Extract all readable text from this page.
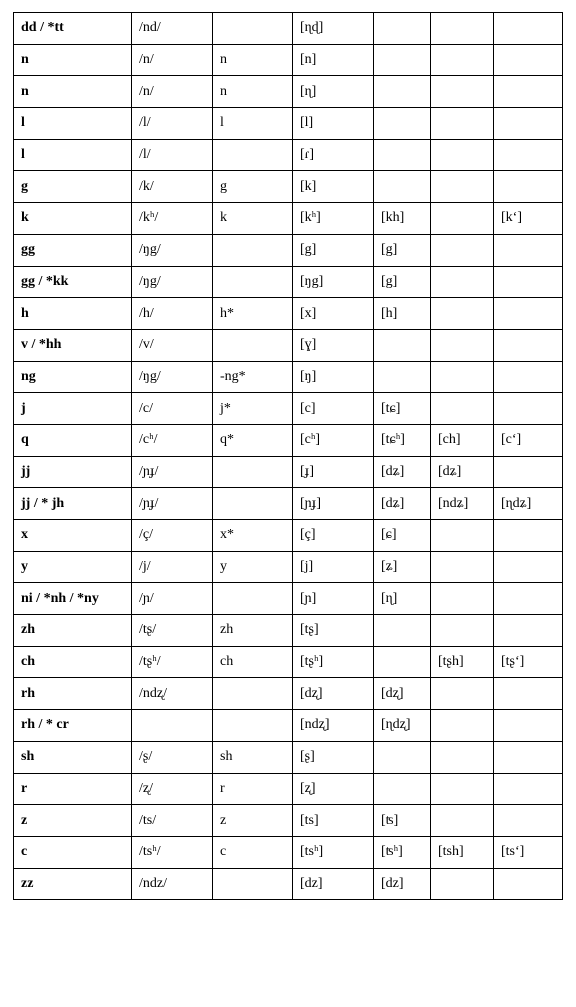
dd / *tt	/nd/		[ɳɖ]			
n	/n/	n	[n]			
n	/n/	n	[ɳ]			
l	/l/	l	[l]			
l	/l/		[ɾ]			
g	/k/	g	[k]			
k	/kʰ/	k	[kʰ]	[kh]		[k‘]
gg	/ŋg/		[g]	[g]		
gg / *kk	/ŋg/		[ŋg]	[g]		
h	/h/	h*	[x]	[h]		
v / *hh	/v/		[ɣ]			
ng	/ŋg/	-ng*	[ŋ]			
j	/c/	j*	[c]	[tɕ]		
q	/cʰ/	q*	[cʰ]	[tɕʰ]	[ch]	[c‘]
jj	/ɲɟ/		[ɟ]	[dʑ]	[dʑ]	
jj / * jh	/ɲɟ/		[ɲɟ]	[dʑ]	[ndʑ]	[ɳdʑ]
x	/ç/	x*	[ç]	[ɕ]		
y	/j/	y	[j]	[ʑ]		
ni / *nh / *ny	/ɲ/		[ɲ]	[ɳ]		
zh	/tʂ/	zh	[tʂ]			
ch	/tʂʰ/	ch	[tʂʰ]		[tʂh]	[tʂ‘]
rh	/ndʐ/		[dʐ]	[dʐ]		
rh / * cr			[ndʐ]	[ɳdʐ]		
sh	/ʂ/	sh	[ʂ]			
r	/ʐ/	r	[ʐ]			
z	/ts/	z	[ts]	[ʦ]		
c	/tsʰ/	c	[tsʰ]	[ʦʰ]	[tsh]	[ts‘]
zz	/ndz/		[dz]	[dz]		
